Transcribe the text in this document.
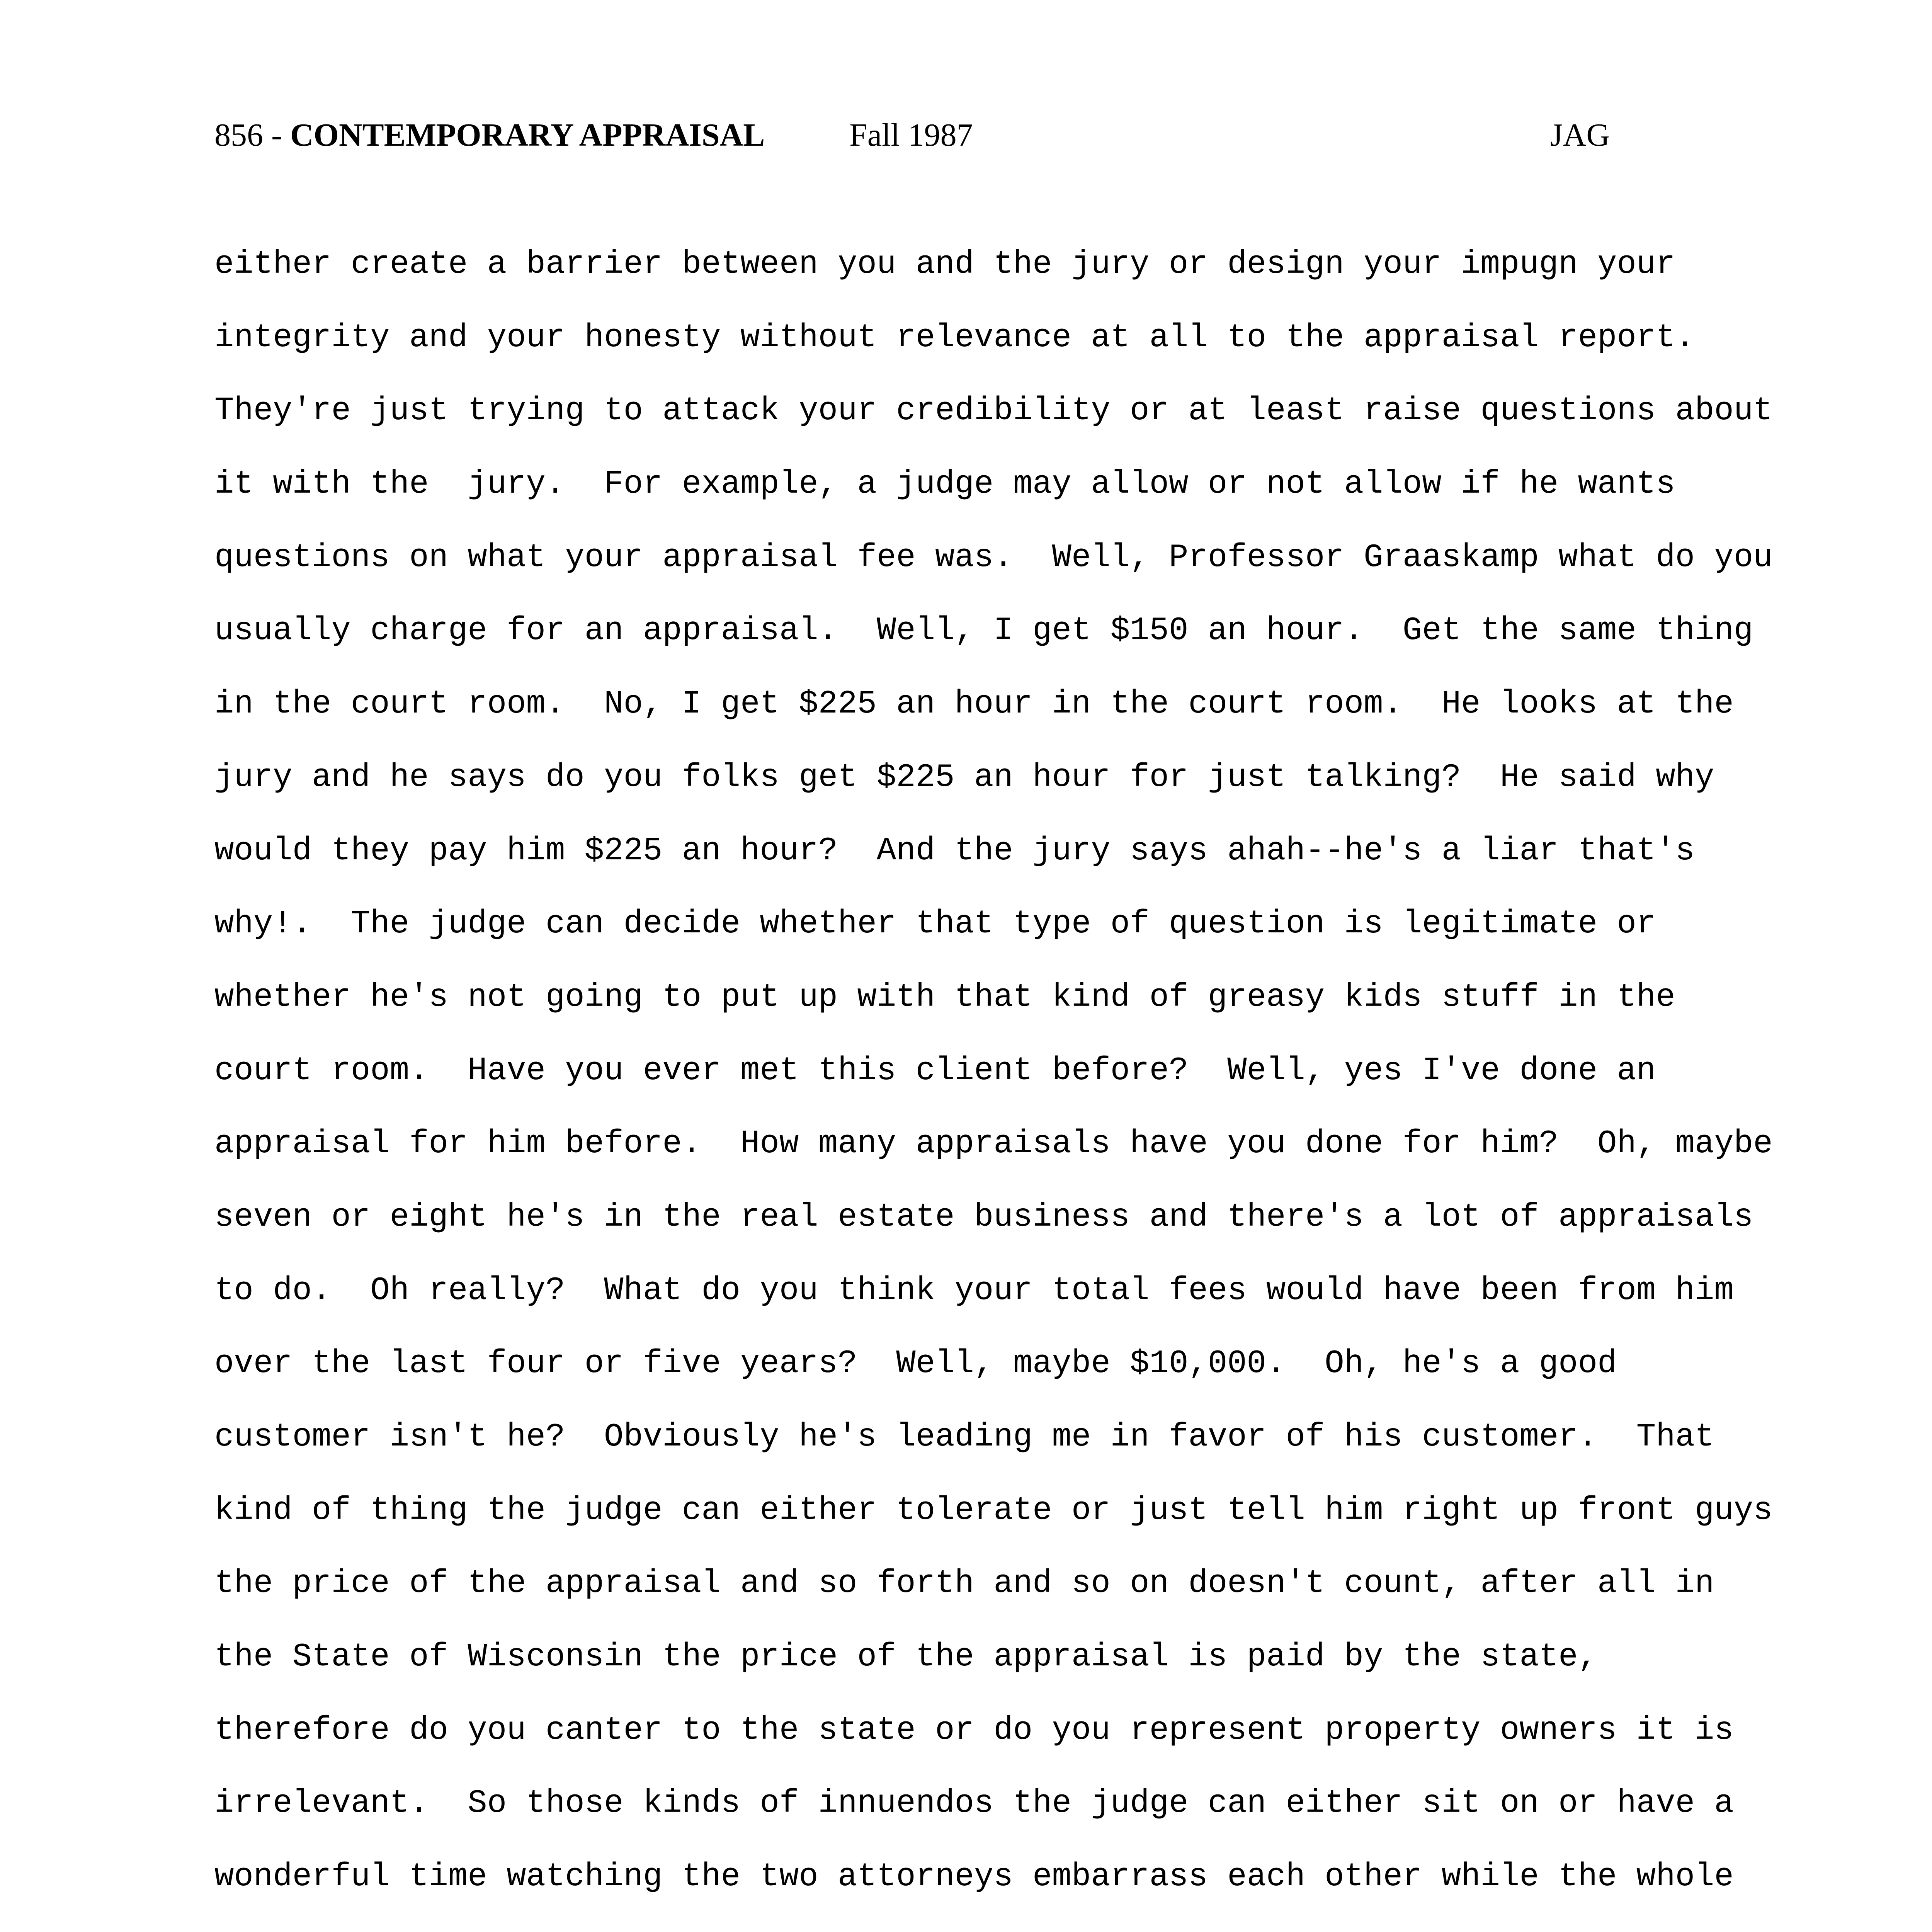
856 - CONTEMPORARY APPRAISAL	Fall 1987	JAG
either create a barrier between you and the jury or design your impugn your
integrity and your honesty without relevance at all to the appraisal report.
They're just trying to attack your credibility or at least raise questions about
it with the  jury.  For example, a judge may allow or not allow if he wants
questions on what your appraisal fee was.  Well, Professor Graaskamp what do you
usually charge for an appraisal.  Well, I get $150 an hour.  Get the same thing
in the court room.  No, I get $225 an hour in the court room.  He looks at the
jury and he says do you folks get $225 an hour for just talking?  He said why
would they pay him $225 an hour?  And the jury says ahah--he's a liar that's
why!.  The judge can decide whether that type of question is legitimate or
whether he's not going to put up with that kind of greasy kids stuff in the
court room.  Have you ever met this client before?  Well, yes I've done an
appraisal for him before.  How many appraisals have you done for him?  Oh, maybe
seven or eight he's in the real estate business and there's a lot of appraisals
to do.  Oh really?  What do you think your total fees would have been from him
over the last four or five years?  Well, maybe $10,000.  Oh, he's a good
customer isn't he?  Obviously he's leading me in favor of his customer.  That
kind of thing the judge can either tolerate or just tell him right up front guys
the price of the appraisal and so forth and so on doesn't count, after all in
the State of Wisconsin the price of the appraisal is paid by the state,
therefore do you canter to the state or do you represent property owners it is
irrelevant.  So those kinds of innuendos the judge can either sit on or have a
wonderful time watching the two attorneys embarrass each other while the whole
